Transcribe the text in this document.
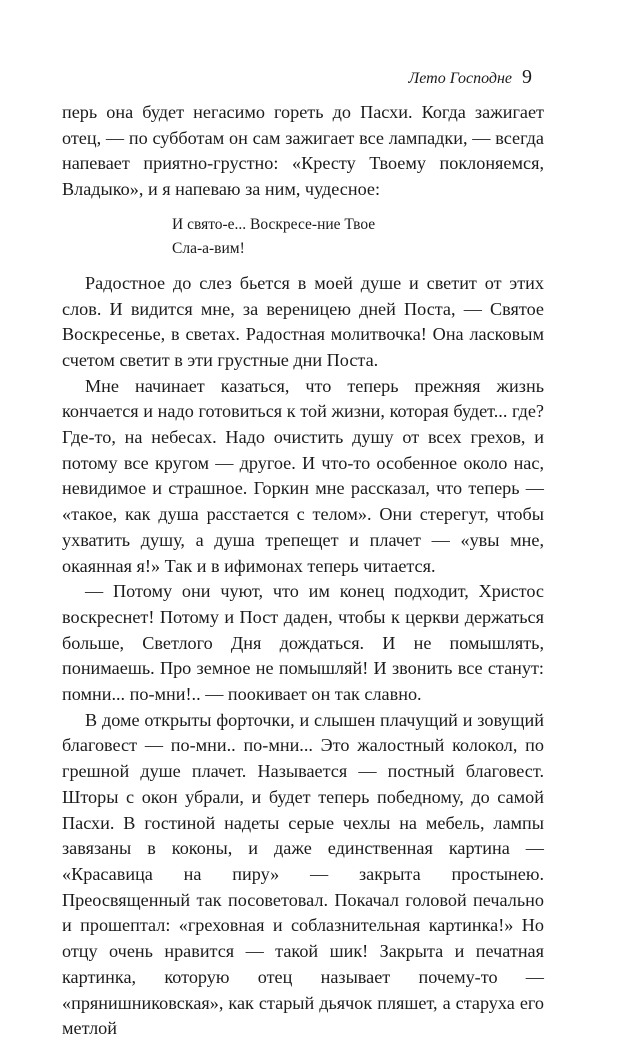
Лето Господне 9

перь она будет негасимо гореть до Пасхи. Когда зажигает отец, — по субботам он сам зажигает все лампадки, — всегда напевает приятно-грустно: «Кресту Твоему поклоняемся, Владыко», и я напеваю за ним, чудесное:

И свято-е... Воскресе-ние Твое
Сла-а-вим!

Радостное до слез бьется в моей душе и светит от этих слов. И видится мне, за вереницею дней Поста, — Святое Воскресенье, в светах. Радостная молитвочка! Она ласковым счетом светит в эти грустные дни Поста.

Мне начинает казаться, что теперь прежняя жизнь кончается и надо готовиться к той жизни, которая будет... где? Где-то, на небесах. Надо очистить душу от всех грехов, и потому все кругом — другое. И что-то особенное около нас, невидимое и страшное. Горкин мне рассказал, что теперь — «такое, как душа расстается с телом». Они стерегут, чтобы ухватить душу, а душа трепещет и плачет — «увы мне, окаянная я!» Так и в ифимонах теперь читается.

— Потому они чуют, что им конец подходит, Христос воскреснет! Потому и Пост даден, чтобы к церкви держаться больше, Светлого Дня дождаться. И не помышлять, понимаешь. Про земное не помышляй! И звонить все станут: помни... по-мни!.. — поокивает он так славно.

В доме открыты форточки, и слышен плачущий и зовущий благовест — по-мни.. по-мни... Это жалостный колокол, по грешной душе плачет. Называется — постный благовест. Шторы с окон убрали, и будет теперь победному, до самой Пасхи. В гостиной надеты серые чехлы на мебель, лампы завязаны в коконы, и даже единственная картина — «Красавица на пиру» — закрыта простынею. Преосвященный так посоветовал. Покачал головой печально и прошептал: «греховная и соблазнительная картинка!» Но отцу очень нравится — такой шик! Закрыта и печатная картинка, которую отец называет почему-то — «прянишниковская», как старый дьячок пляшет, а старуха его метлой
